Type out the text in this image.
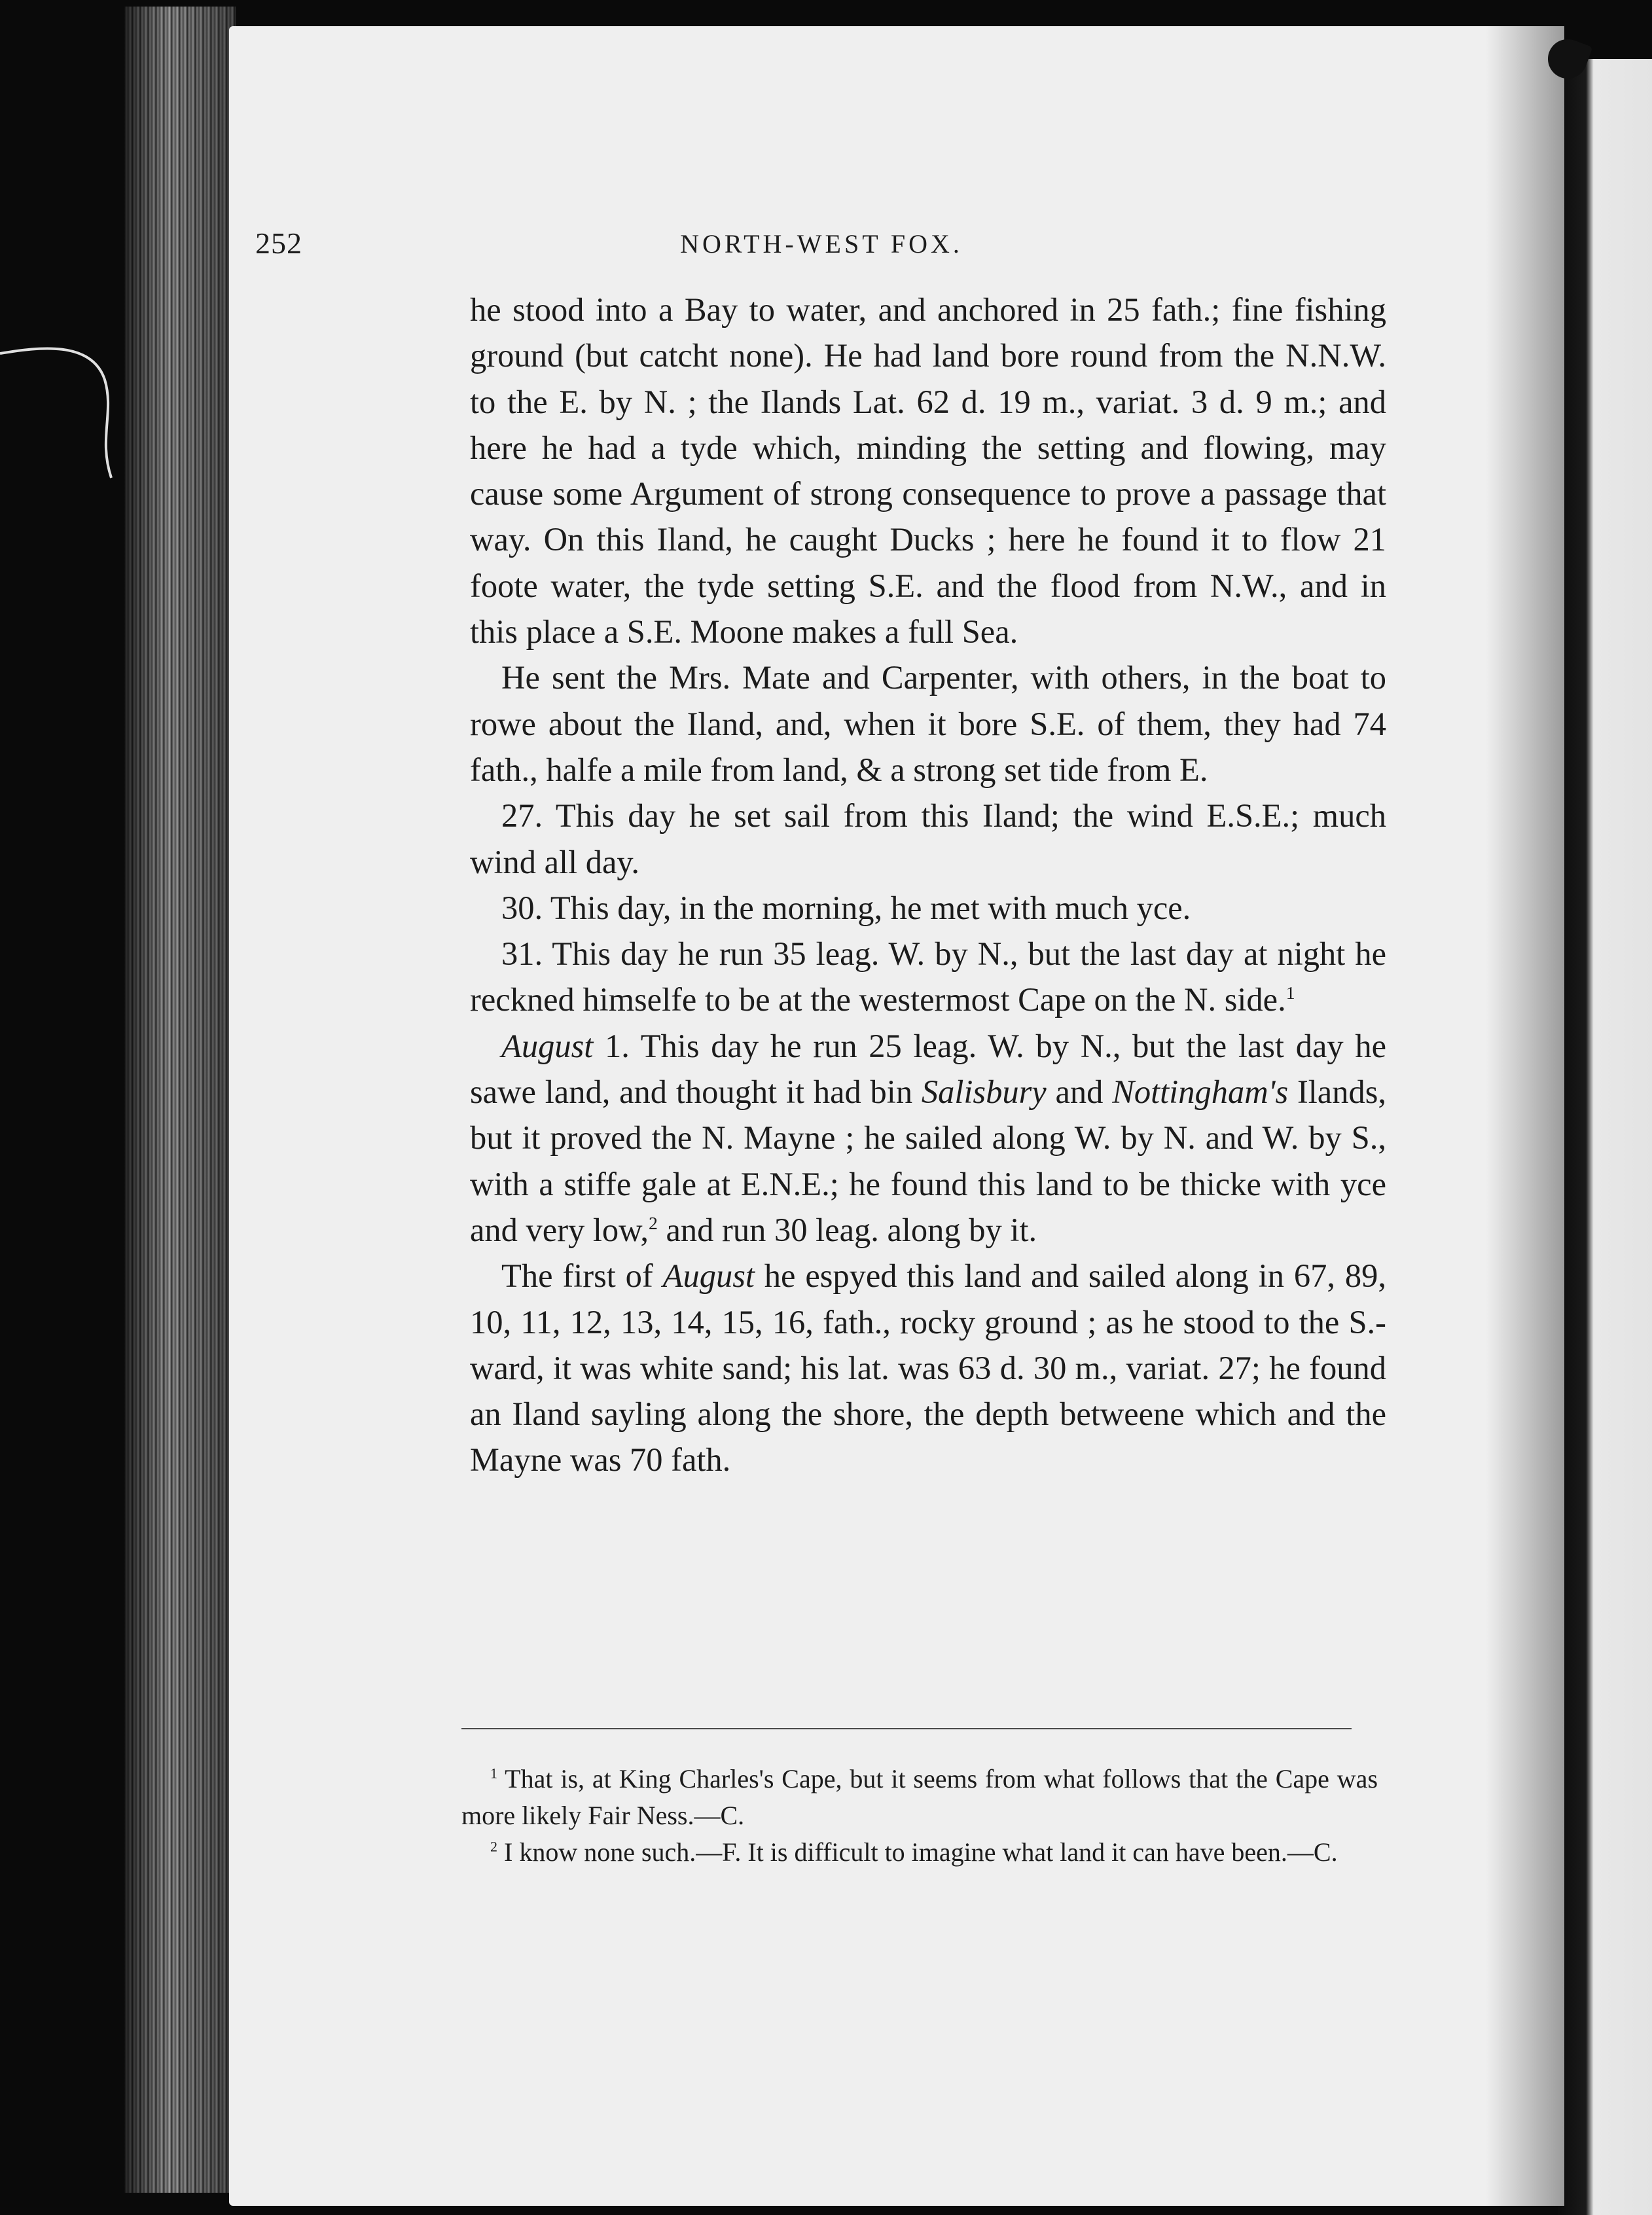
252	NORTH-WEST FOX.

he stood into a Bay to water, and anchored in 25 fath.; fine fishing ground (but catcht none). He had land bore round from the N.N.W. to the E. by N. ; the Ilands Lat. 62 d. 19 m., variat. 3 d. 9 m.; and here he had a tyde which, minding the setting and flowing, may cause some Argument of strong consequence to prove a passage that way. On this Iland, he caught Ducks ; here he found it to flow 21 foote water, the tyde setting S.E. and the flood from N.W., and in this place a S.E. Moone makes a full Sea.

He sent the Mrs. Mate and Carpenter, with others, in the boat to rowe about the Iland, and, when it bore S.E. of them, they had 74 fath., halfe a mile from land, & a strong set tide from E.

27. This day he set sail from this Iland; the wind E.S.E.; much wind all day.

30. This day, in the morning, he met with much yce.

31. This day he run 35 leag. W. by N., but the last day at night he reckned himselfe to be at the westermost Cape on the N. side.$^1$

August 1. This day he run 25 leag. W. by N., but the last day he sawe land, and thought it had bin Salisbury and Nottingham's Ilands, but it proved the N. Mayne ; he sailed along W. by N. and W. by S., with a stiffe gale at E.N.E.; he found this land to be thicke with yce and very low,$^2$ and run 30 leag. along by it.

The first of August he espyed this land and sailed along in 67, 89, 10, 11, 12, 13, 14, 15, 16, fath., rocky ground ; as he stood to the S.-ward, it was white sand; his lat. was 63 d. 30 m., variat. 27; he found an Iland sayling along the shore, the depth betweene which and the Mayne was 70 fath.

$^1$ That is, at King Charles's Cape, but it seems from what follows that the Cape was more likely Fair Ness.—C.

$^2$ I know none such.—F. It is difficult to imagine what land it can have been.—C.
